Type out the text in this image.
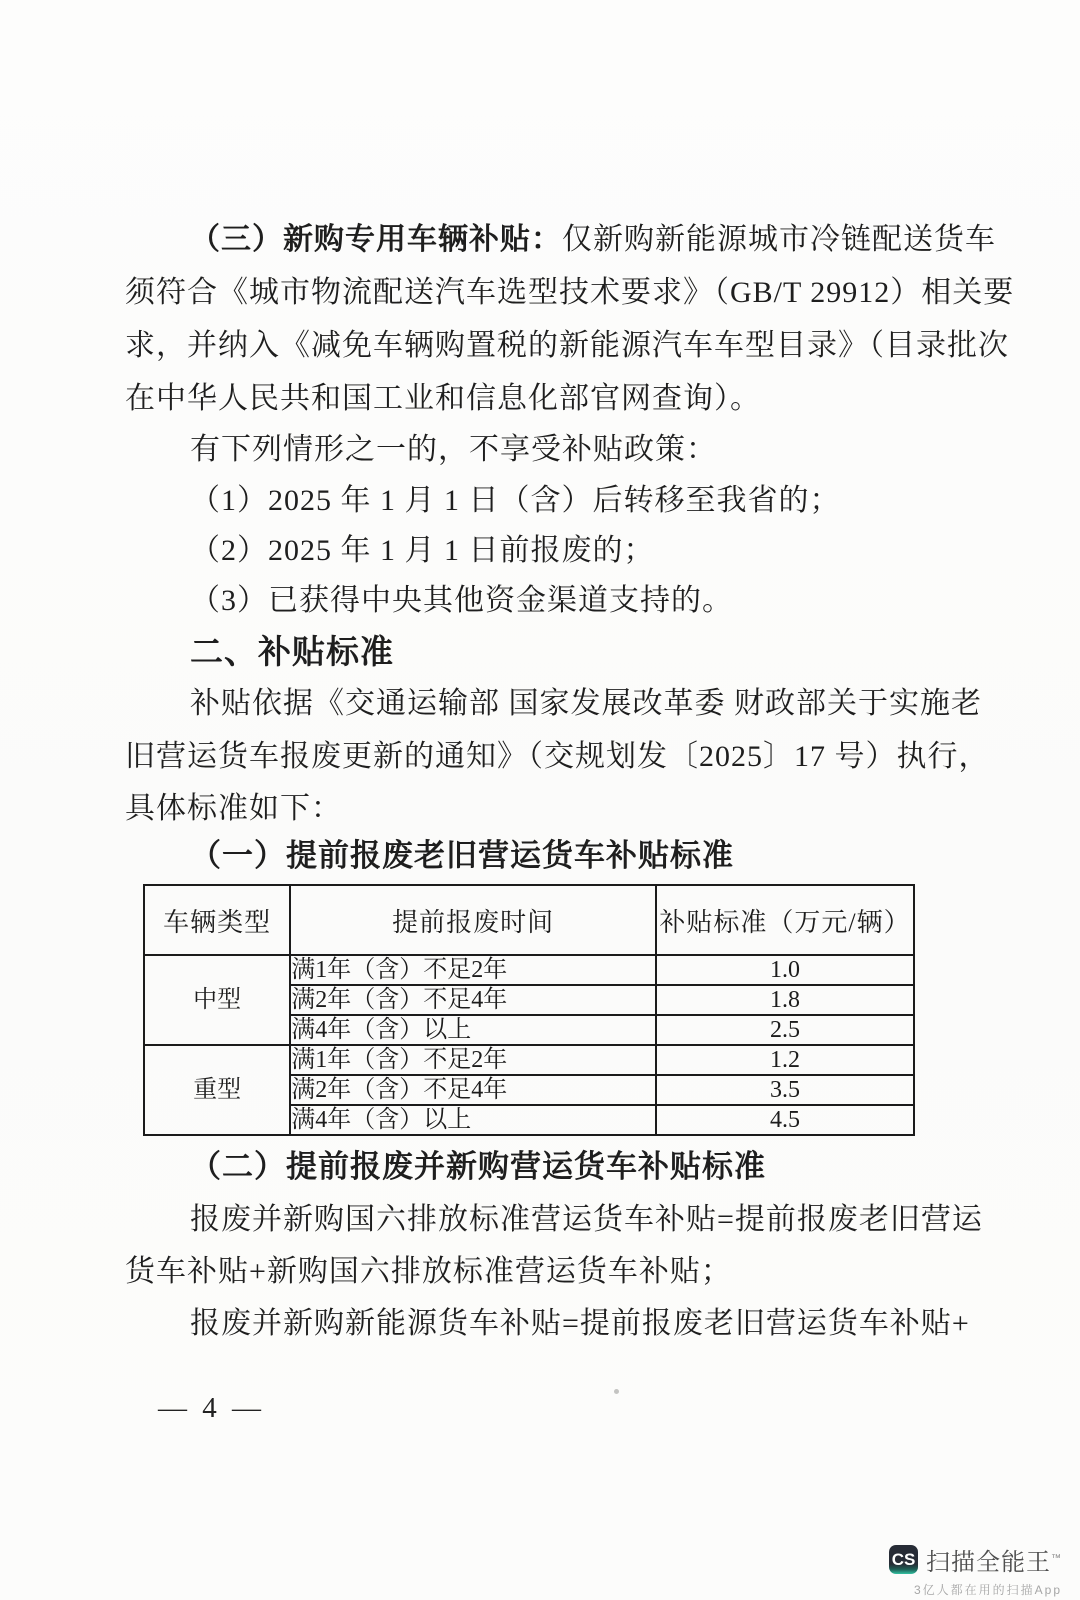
（三）新购专用车辆补贴：仅新购新能源城市冷链配送货车
须符合《城市物流配送汽车选型技术要求》（GB/T 29912）相关要
求，并纳入《减免车辆购置税的新能源汽车车型目录》（目录批次
在中华人民共和国工业和信息化部官网查询）。
有下列情形之一的，不享受补贴政策：
（1）2025 年 1 月 1 日（含）后转移至我省的；
（2）2025 年 1 月 1 日前报废的；
（3）已获得中央其他资金渠道支持的。
二、补贴标准
补贴依据《交通运输部 国家发展改革委 财政部关于实施老
旧营运货车报废更新的通知》（交规划发〔2025〕17 号）执行，
具体标准如下：
（一）提前报废老旧营运货车补贴标准
车辆类型	提前报废时间	补贴标准（万元/辆）
中型	满1年（含）不足2年	1.0
	满2年（含）不足4年	1.8
	满4年（含）以上	2.5
重型	满1年（含）不足2年	1.2
	满2年（含）不足4年	3.5
	满4年（含）以上	4.5
（二）提前报废并新购营运货车补贴标准
报废并新购国六排放标准营运货车补贴=提前报废老旧营运
货车补贴+新购国六排放标准营运货车补贴；
报废并新购新能源货车补贴=提前报废老旧营运货车补贴+
— 4 —
CS 扫描全能王™
3亿人都在用的扫描App
